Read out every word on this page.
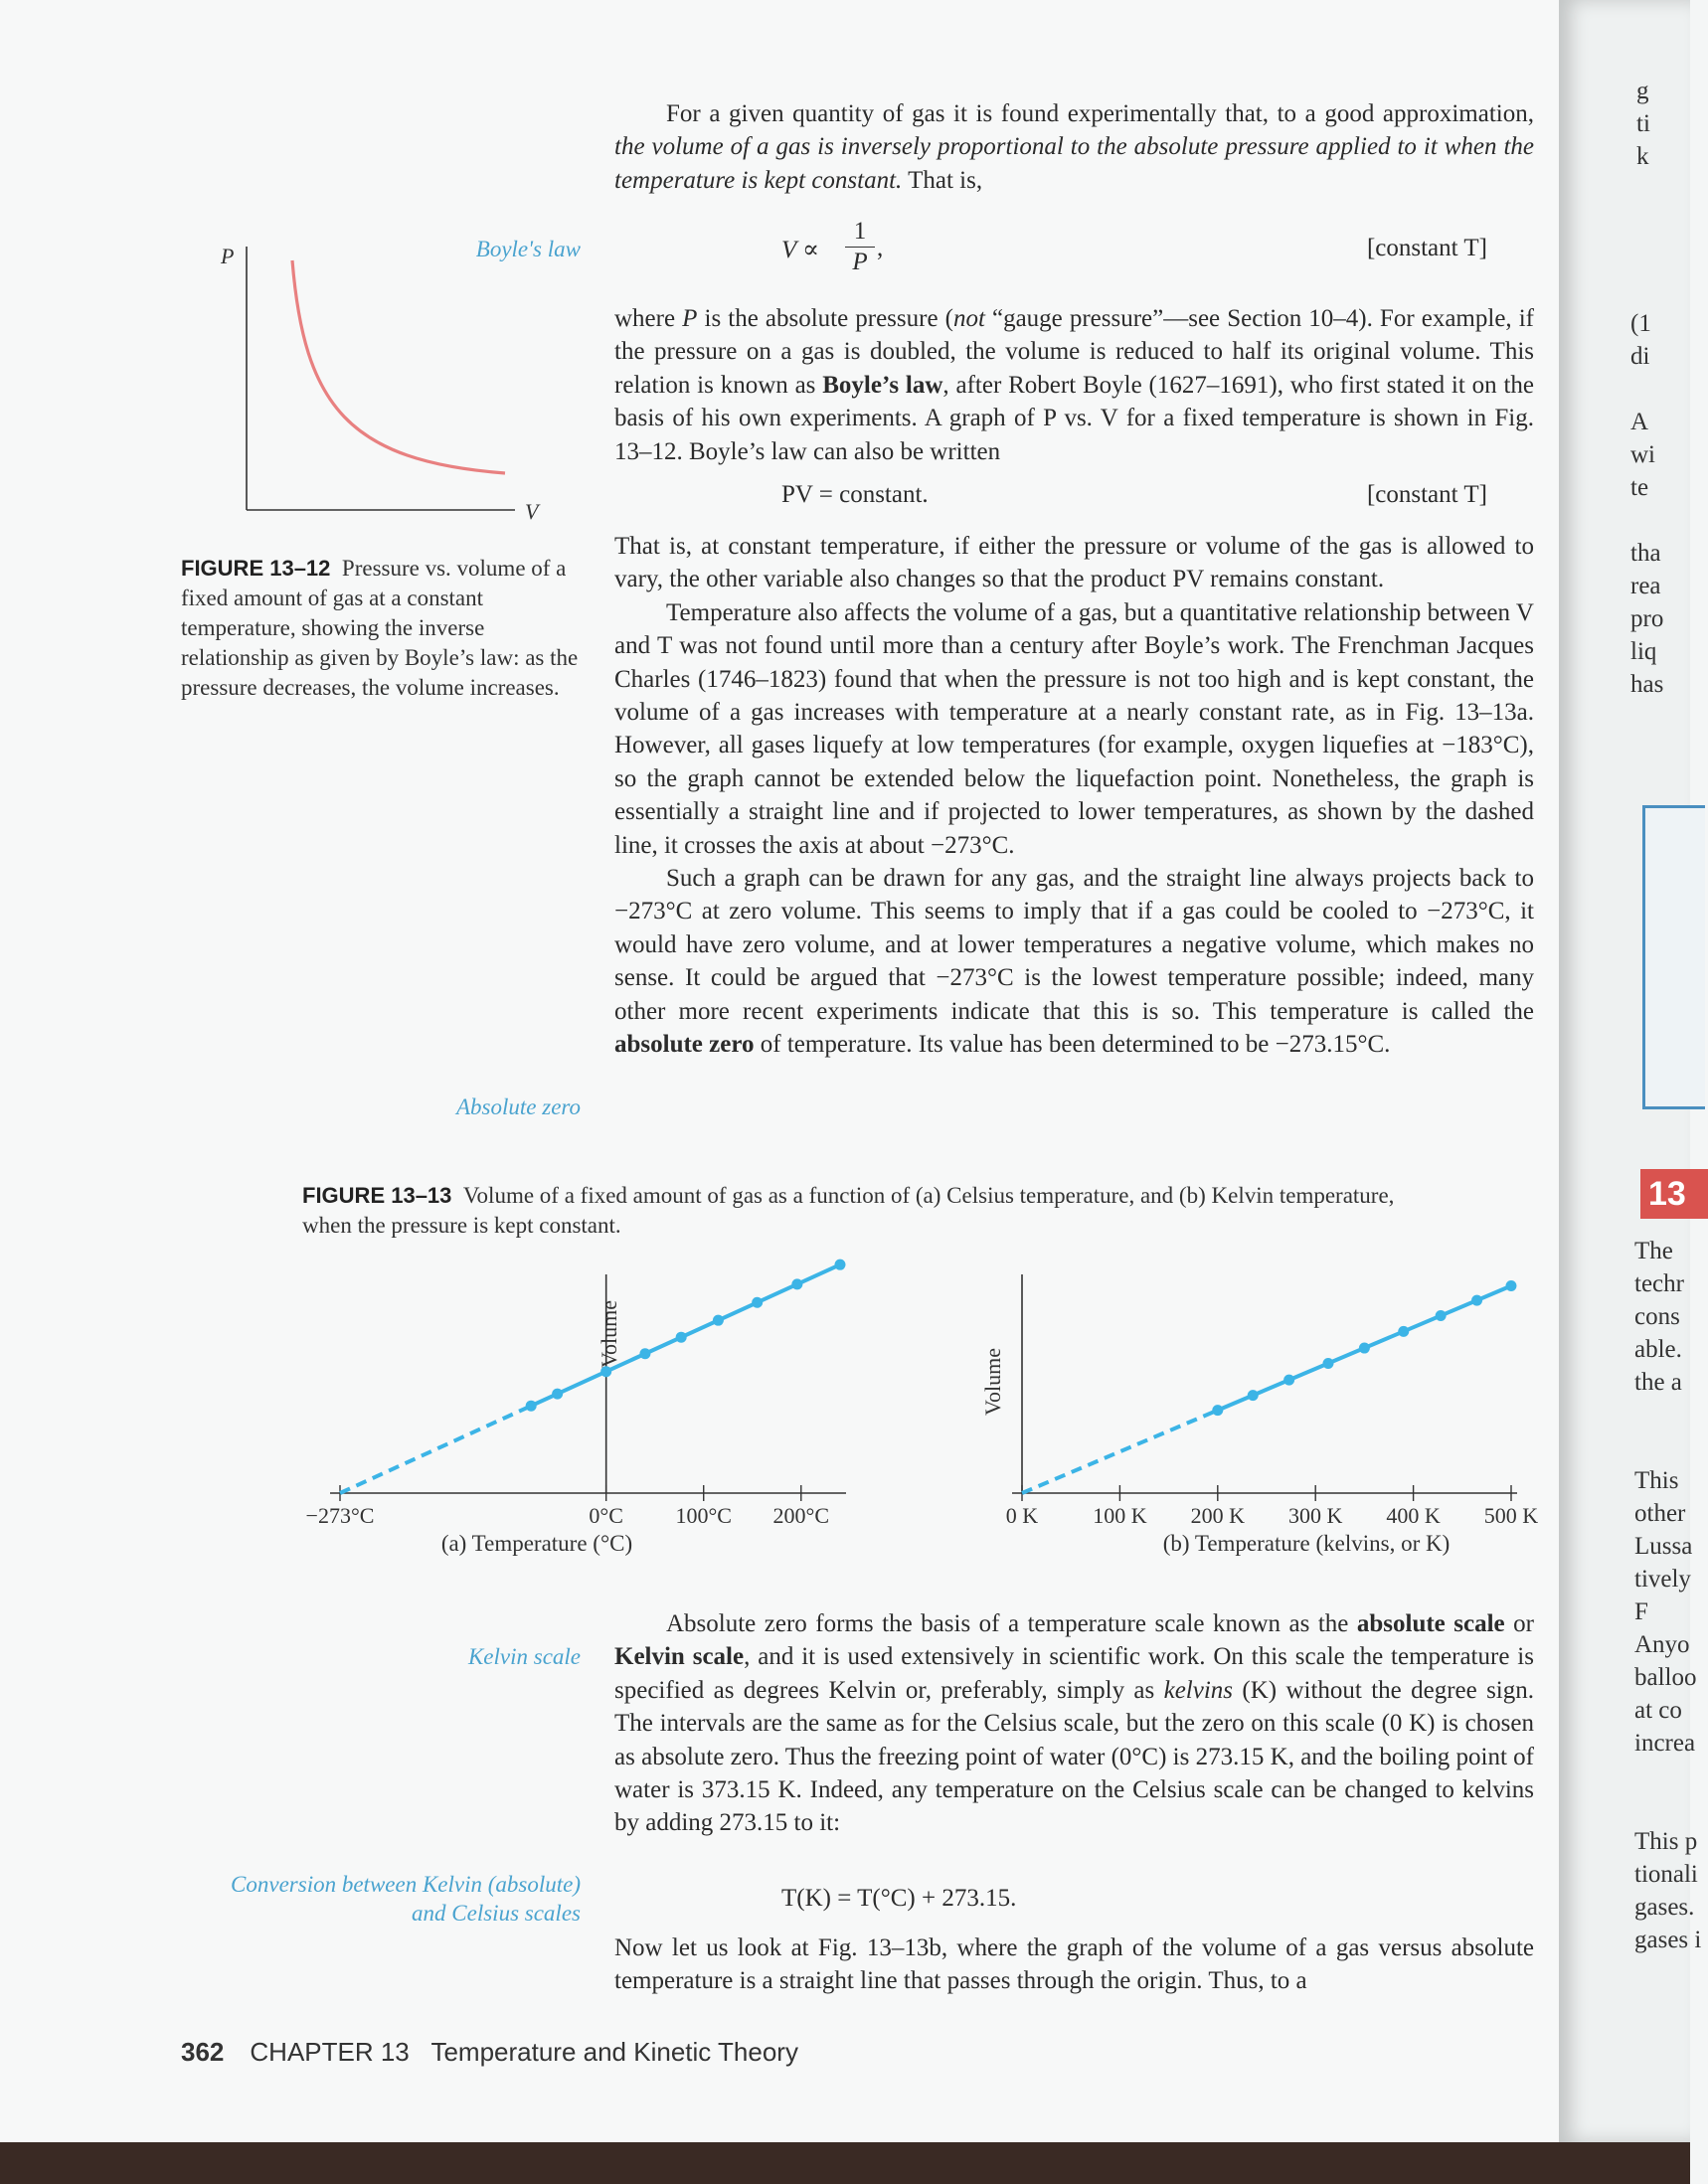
g
ti
k
(1
di
A
wi
te
tha
rea
pro
liq
has
The
techr
cons
able.
the a
This
other
Lussa
tively
F
Anyo
balloo
at co
increa
This p
tionali
gases.
gases i

For a given quantity of gas it is found experimentally that, to a good approximation, the volume of a gas is inversely proportional to the absolute pressure applied to it when the temperature is kept constant. That is,

$V \propto \frac{1}{P}$ ,	[constant T]

where P is the absolute pressure (not “gauge pressure”—see Section 10–4). For example, if the pressure on a gas is doubled, the volume is reduced to half its original volume. This relation is known as Boyle’s law, after Robert Boyle (1627–1691), who first stated it on the basis of his own experiments. A graph of P vs. V for a fixed temperature is shown in Fig. 13–12. Boyle’s law can also be written

PV = constant.	[constant T]

That is, at constant temperature, if either the pressure or volume of the gas is allowed to vary, the other variable also changes so that the product PV remains constant.

Temperature also affects the volume of a gas, but a quantitative relationship between V and T was not found until more than a century after Boyle’s work. The Frenchman Jacques Charles (1746–1823) found that when the pressure is not too high and is kept constant, the volume of a gas increases with temperature at a nearly constant rate, as in Fig. 13–13a. However, all gases liquefy at low temperatures (for example, oxygen liquefies at −183°C), so the graph cannot be extended below the liquefaction point. Nonetheless, the graph is essentially a straight line and if projected to lower temperatures, as shown by the dashed line, it crosses the axis at about −273°C.

Such a graph can be drawn for any gas, and the straight line always projects back to −273°C at zero volume. This seems to imply that if a gas could be cooled to −273°C, it would have zero volume, and at lower temperatures a negative volume, which makes no sense. It could be argued that −273°C is the lowest temperature possible; indeed, many other more recent experiments indicate that this is so. This temperature is called the absolute zero of temperature. Its value has been determined to be −273.15°C.

Boyle's law
Absolute zero
Kelvin scale
Conversion between Kelvin (absolute)
and Celsius scales
P
V
FIGURE 13–12 Pressure vs. volume of a fixed amount of gas at a constant temperature, showing the inverse relationship as given by Boyle’s law: as the pressure decreases, the volume increases.
FIGURE 13–13 Volume of a fixed amount of gas as a function of (a) Celsius temperature, and (b) Kelvin temperature, when the pressure is kept constant.
−273°C	0°C 100°C 200°C
Volume
(a) Temperature (°C)
0 K	100 K 200 K 300 K 400 K 500 K
Volume
(b) Temperature (kelvins, or K)

Absolute zero forms the basis of a temperature scale known as the absolute scale or Kelvin scale, and it is used extensively in scientific work. On this scale the temperature is specified as degrees Kelvin or, preferably, simply as kelvins (K) without the degree sign. The intervals are the same as for the Celsius scale, but the zero on this scale (0 K) is chosen as absolute zero. Thus the freezing point of water (0°C) is 273.15 K, and the boiling point of water is 373.15 K. Indeed, any temperature on the Celsius scale can be changed to kelvins by adding 273.15 to it:

T(K) = T(°C) + 273.15.

Now let us look at Fig. 13–13b, where the graph of the volume of a gas versus absolute temperature is a straight line that passes through the origin. Thus, to a

362 CHAPTER 13 Temperature and Kinetic Theory
13
